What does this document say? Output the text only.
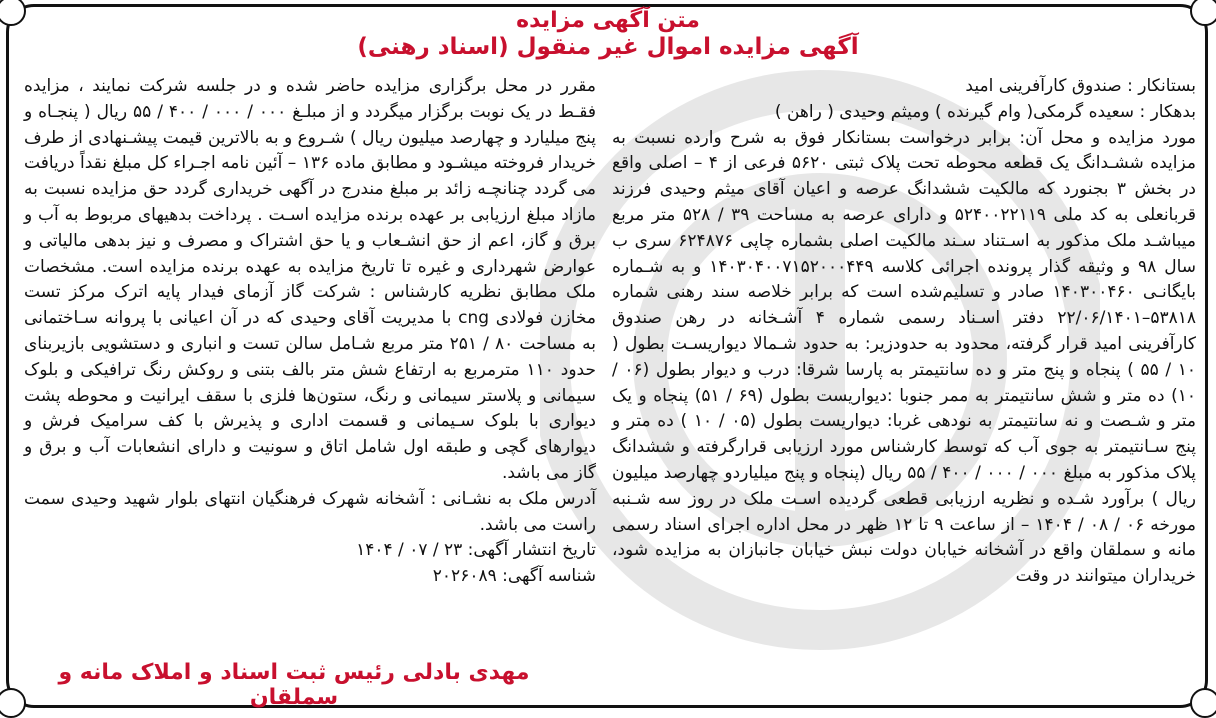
متن آگهی مزایده
آگهی مزایده اموال غیر منقول (اسناد رهنی)

بستانکار : صندوق کارآفرینی امید

بدهکار : سعیده گرمکی( وام گیرنده ) ومیثم وحیدی ( راهن )

مورد مزایده و محل آن: برابر درخواست بستانکار فوق به شرح وارده نسبت به مزایده ششـدانگ یک قطعه محوطه تحت پلاک ثبتی ۵۶۲۰ فرعی از ۴ – اصلی واقع در بخش ۳ بجنورد که مالکیت ششدانگ عرصه و اعیان آقای میثم وحیدی فرزند قربانعلی به کد ملی ۵۲۴۰۰۲۲۱۱۹ و دارای عرصه به مساحت ۳۹ / ۵۲۸ متر مربع میباشـد ملک مذکور به اسـتناد سـند مالکیت اصلی بشماره چاپی ۶۲۴۸۷۶ سری ب سال ۹۸ و وثیقه گذار پرونده اجرائی کلاسه ۱۴۰۳۰۴۰۰۷۱۵۲۰۰۰۴۴۹ و به شـماره بایگانـی ۱۴۰۳۰۰۴۶۰ صادر و تسلیم‌شده است که برابر خلاصه سند رهنی شماره ۵۳۸۱۸–۲۲/۰۶/۱۴۰۱ دفتر اسـناد رسمی شماره ۴ آشـخانه در رهن صندوق کارآفرینی امید قرار گرفته، محدود به حدودزیر: به حدود شـمالا دیواریسـت بطول ( ۱۰ / ۵۵ ) پنجاه و پنج متر و ده سانتیمتر به پارسا شرقا: درب و دیوار بطول (۰۶ / ۱۰) ده متر و شش سانتیمتر به ممر جنوبا :دیواریست بطول (۶۹ / ۵۱) پنجاه و یک متر و شـصت و نه سانتیمتر به نودهی غربا: دیواریست بطول (۰۵ / ۱۰ ) ده متر و پنج سـانتیمتر به جوی آب که توسط کارشناس مورد ارزیابی قرارگرفته و ششدانگ پلاک مذکور به مبلغ ۰۰۰ / ۰۰۰ / ۴۰۰ / ۵۵ ریال (پنجاه و پنج میلیاردو چهارصد میلیون ریال ) برآورد شـده و نظریه ارزیابی قطعی گردیده اسـت ملک در روز سه شـنبه مورخه ۰۶ / ۰۸ / ۱۴۰۴ – از ساعت ۹ تا ۱۲ ظهر در محل اداره اجرای اسناد رسمی مانه و سملقان واقع در آشخانه خیابان دولت نبش خیابان جانبازان به مزایده شود، خریداران میتوانند در وقت

مقرر در محل برگزاری مزایده حاضر شده و در جلسه شرکت نمایند ، مزایده فقـط در یک نوبت برگزار میگردد و از مبلـغ ۰۰۰ / ۰۰۰ / ۴۰۰ / ۵۵ ریال ( پنجـاه و پنج میلیارد و چهارصد میلیون ریال ) شـروع و به بالاترین قیمت پیشـنهادی از طرف خریدار فروخته میشـود و مطابق ماده ۱۳۶ – آئین نامه اجـراء کل مبلغ نقداً دریافت می گردد چنانچـه زائد بر مبلغ مندرج در آگهی خریداری گردد حق مزایده نسبت به مازاد مبلغ ارزیابی بر عهده برنده مزایده اسـت . پرداخت بدهیهای مربوط به آب و برق و گاز، اعم از حق انشـعاب و یا حق اشتراک و مصرف و نیز بدهی مالیاتی و عوارض شهرداری و غیره تا تاریخ مزایده به عهده برنده مزایده است. مشخصات ملک مطابق نظریه کارشناس : شرکت گاز آزمای فیدار پایه اترک مرکز تست مخازن فولادی cng با مدیریت آقای وحیدی که در آن اعیانی با پروانه سـاختمانی به مساحت ۸۰ / ۲۵۱ متر مربع شـامل سالن تست و انباری و دستشویی بازیربنای حدود ۱۱۰ مترمربع به ارتفاع شش متر بالف بتنی و روکش رنگ ترافیکی و بلوک سیمانی و پلاستر سیمانی و رنگ، ستون‌ها فلزی با سقف ایرانیت و محوطه پشت دیواری با بلوک سـیمانی و قسمت اداری و پذیرش با کف سرامیک فرش و دیوارهای گچی و طبقه اول شامل اتاق و سونیت و دارای انشعابات آب و برق و گاز می باشد.

آدرس ملک به نشـانی : آشخانه شهرک فرهنگیان انتهای بلوار شهید وحیدی سمت راست می باشد.

تاریخ انتشار آگهی: ۲۳ / ۰۷ / ۱۴۰۴

شناسه آگهی: ۲۰۲۶۰۸۹

مهدی بادلی رئیس ثبت اسناد و املاک مانه و سملقان
